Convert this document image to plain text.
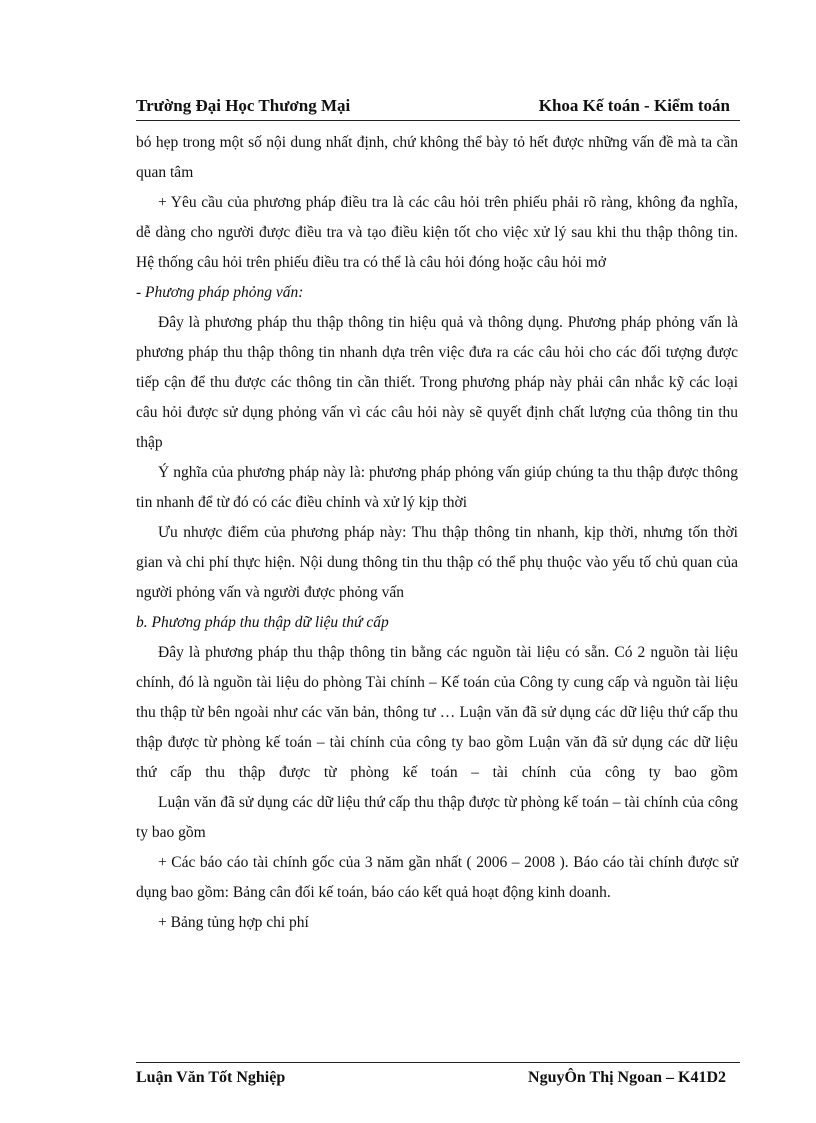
Trường Đại Học Thương Mại	Khoa Kế toán - Kiểm toán

bó hẹp trong một số nội dung nhất định, chứ không thể bày tỏ hết được những vấn đề mà ta cần quan tâm

+ Yêu cầu của phương pháp điều tra là các câu hỏi trên phiếu phải rõ ràng, không đa nghĩa, dễ dàng cho người được điều tra và tạo điều kiện tốt cho việc xử lý sau khi thu thập thông tin. Hệ thống câu hỏi trên phiếu điều tra có thể là câu hỏi đóng hoặc câu hỏi mở

- Phương pháp phỏng vấn:

Đây là phương pháp thu thập thông tin hiệu quả và thông dụng. Phương pháp phỏng vấn là phương pháp thu thập thông tin nhanh dựa trên việc đưa ra các câu hỏi cho các đối tượng được tiếp cận để thu được các thông tin cần thiết. Trong phương pháp này phải cân nhắc kỹ các loại câu hỏi được sử dụng phỏng vấn vì các câu hỏi này sẽ quyết định chất lượng của thông tin thu thập

Ý nghĩa của phương pháp này là: phương pháp phỏng vấn giúp chúng ta thu thập được thông tin nhanh để từ đó có các điều chỉnh và xử lý kịp thời

Ưu nhược điểm của phương pháp này: Thu thập thông tin nhanh, kịp thời, nhưng tốn thời gian và chi phí thực hiện. Nội dung thông tin thu thập có thể phụ thuộc vào yếu tố chủ quan của người phỏng vấn và người được phỏng vấn

b. Phương pháp thu thập dữ liệu thứ cấp

Đây là phương pháp thu thập thông tin bằng các nguồn tài liệu có sẵn. Có 2 nguồn tài liệu chính, đó là nguồn tài liệu do phòng Tài chính – Kế toán của Công ty cung cấp và nguồn tài liệu thu thập từ bên ngoài như các văn bản, thông tư … Luận văn đã sử dụng các dữ liệu thứ cấp thu thập được từ phòng kế toán – tài chính của công ty bao gồm Luận văn đã sử dụng các dữ liệu thứ cấp thu thập được từ phòng kế toán – tài chính của công ty bao gồm

Luận văn đã sử dụng các dữ liệu thứ cấp thu thập được từ phòng kế toán – tài chính của công ty bao gồm

+ Các báo cáo tài chính gốc của 3 năm gần nhất ( 2006 – 2008 ). Báo cáo tài chính được sử dụng bao gồm: Bảng cân đối kế toán, báo cáo kết quả hoạt động kinh doanh.

+ Bảng tủng hợp chi phí

Luận Văn Tốt Nghiệp	NguyÔn Thị Ngoan – K41D2
